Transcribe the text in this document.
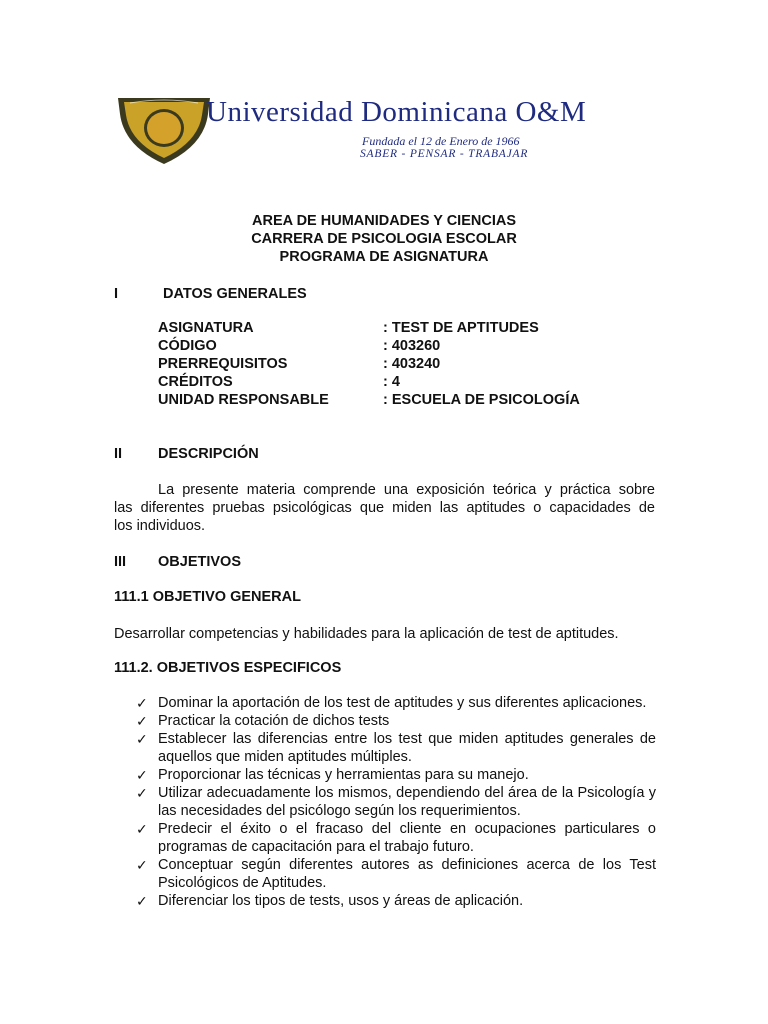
Universidad Dominicana O&M
Fundada el 12 de Enero de 1966
SABER - PENSAR - TRABAJAR
AREA DE HUMANIDADES Y CIENCIAS
CARRERA DE PSICOLOGIA ESCOLAR
PROGRAMA DE ASIGNATURA
I	DATOS GENERALES
ASIGNATURA	: TEST DE APTITUDES
CÓDIGO	: 403260
PRERREQUISITOS	: 403240
CRÉDITOS	: 4
UNIDAD RESPONSABLE	: ESCUELA DE PSICOLOGÍA
II DESCRIPCIÓN
La presente materia comprende una exposición teórica y práctica sobre
las diferentes pruebas psicológicas que miden las aptitudes o capacidades de
los individuos.
III OBJETIVOS
111.1 OBJETIVO GENERAL
Desarrollar competencias y habilidades para la aplicación de test de aptitudes.
111.2. OBJETIVOS ESPECIFICOS
✓ Dominar la aportación de los test de aptitudes y sus diferentes aplicaciones.
✓ Practicar la cotación de dichos tests
✓ Establecer las diferencias entre los test que miden aptitudes generales de aquellos que miden aptitudes múltiples.
✓ Proporcionar las técnicas y herramientas para su manejo.
✓ Utilizar adecuadamente los mismos, dependiendo del área de la Psicología y las necesidades del psicólogo según los requerimientos.
✓ Predecir el éxito o el fracaso del cliente en ocupaciones particulares o programas de capacitación para el trabajo futuro.
✓ Conceptuar según diferentes autores as definiciones acerca de los Test Psicológicos de Aptitudes.
✓ Diferenciar los tipos de tests, usos y áreas de aplicación.
